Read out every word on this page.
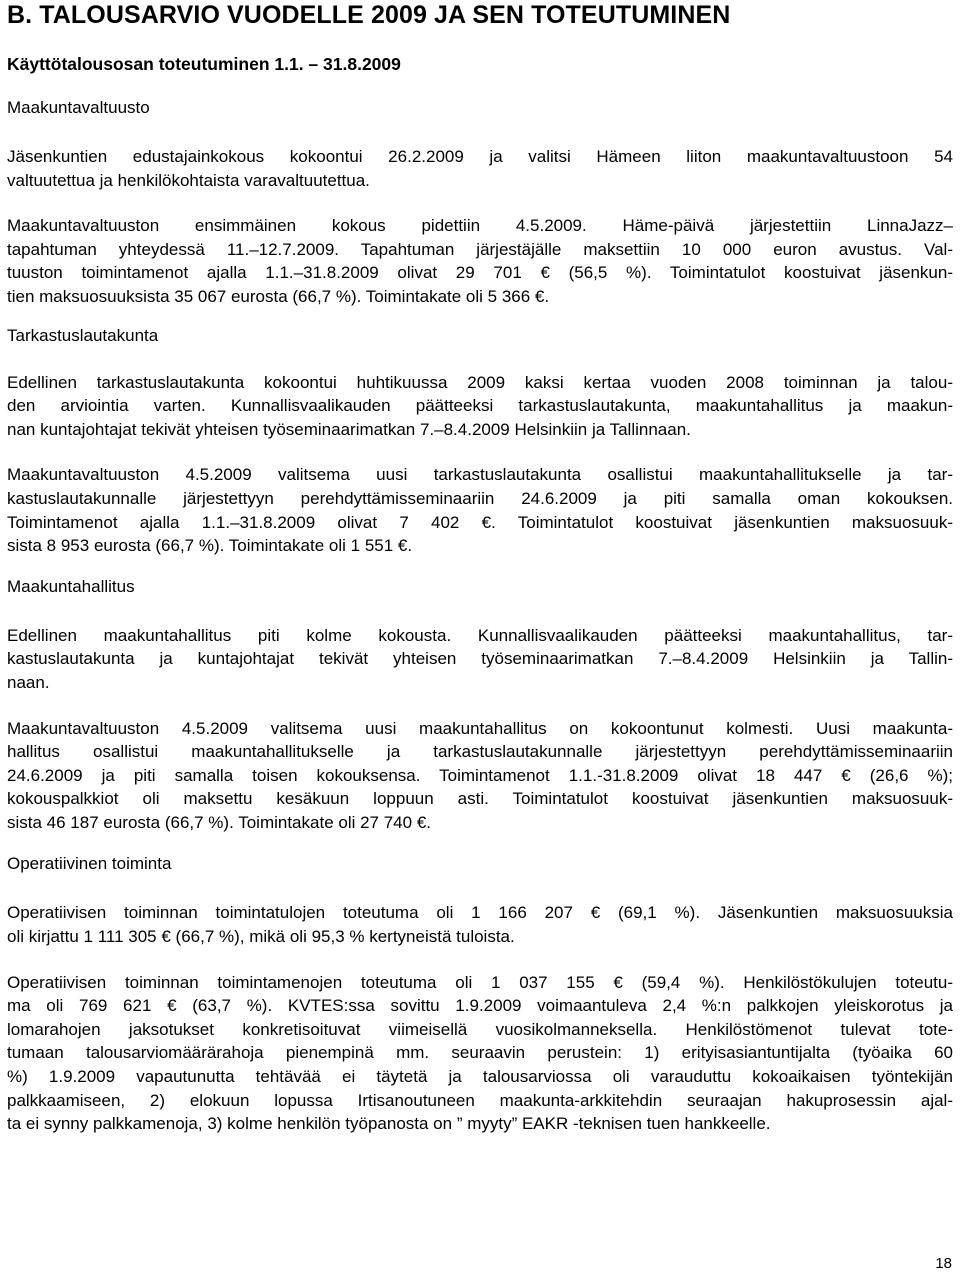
B. TALOUSARVIO VUODELLE 2009 JA SEN TOTEUTUMINEN
Käyttötalousosan toteutuminen 1.1. – 31.8.2009
Maakuntavaltuusto
Jäsenkuntien edustajainkokous kokoontui 26.2.2009 ja valitsi Hämeen liiton maakuntavaltuustoon 54
valtuutettua ja henkilökohtaista varavaltuutettua.
Maakuntavaltuuston ensimmäinen kokous pidettiin 4.5.2009. Häme-päivä järjestettiin LinnaJazz–
tapahtuman yhteydessä 11.–12.7.2009. Tapahtuman järjestäjälle maksettiin 10 000 euron avustus. Val-
tuuston toimintamenot ajalla 1.1.–31.8.2009 olivat 29 701 € (56,5 %). Toimintatulot koostuivat jäsenkun-
tien maksuosuuksista 35 067 eurosta (66,7 %). Toimintakate oli 5 366 €.
Tarkastuslautakunta
Edellinen tarkastuslautakunta kokoontui huhtikuussa 2009 kaksi kertaa vuoden 2008 toiminnan ja talou-
den arviointia varten. Kunnallisvaalikauden päätteeksi tarkastuslautakunta, maakuntahallitus ja maakun-
nan kuntajohtajat tekivät yhteisen työseminaarimatkan 7.–8.4.2009 Helsinkiin ja Tallinnaan.
Maakuntavaltuuston 4.5.2009 valitsema uusi tarkastuslautakunta osallistui maakuntahallitukselle ja tar-
kastuslautakunnalle järjestettyyn perehdyttämisseminaariin 24.6.2009 ja piti samalla oman kokouksen.
Toimintamenot ajalla 1.1.–31.8.2009 olivat 7 402 €. Toimintatulot koostuivat jäsenkuntien maksuosuuk-
sista 8 953 eurosta (66,7 %). Toimintakate oli 1 551 €.
Maakuntahallitus
Edellinen maakuntahallitus piti kolme kokousta. Kunnallisvaalikauden päätteeksi maakuntahallitus, tar-
kastuslautakunta ja kuntajohtajat tekivät yhteisen työseminaarimatkan 7.–8.4.2009 Helsinkiin ja Tallin-
naan.
Maakuntavaltuuston 4.5.2009 valitsema uusi maakuntahallitus on kokoontunut kolmesti. Uusi maakunta-
hallitus osallistui maakuntahallitukselle ja tarkastuslautakunnalle järjestettyyn perehdyttämisseminaariin
24.6.2009 ja piti samalla toisen kokouksensa. Toimintamenot 1.1.-31.8.2009 olivat 18 447 € (26,6 %);
kokouspalkkiot oli maksettu kesäkuun loppuun asti. Toimintatulot koostuivat jäsenkuntien maksuosuuk-
sista 46 187 eurosta (66,7 %). Toimintakate oli 27 740 €.
Operatiivinen toiminta
Operatiivisen toiminnan toimintatulojen toteutuma oli 1 166 207 € (69,1 %). Jäsenkuntien maksuosuuksia
oli kirjattu 1 111 305 € (66,7 %), mikä oli 95,3 % kertyneistä tuloista.
Operatiivisen toiminnan toimintamenojen toteutuma oli 1 037 155 € (59,4 %). Henkilöstökulujen toteutu-
ma oli 769 621 € (63,7 %). KVTES:ssa sovittu 1.9.2009 voimaantuleva 2,4 %:n palkkojen yleiskorotus ja
lomarahojen jaksotukset konkretisoituvat viimeisellä vuosikolmanneksella. Henkilöstömenot tulevat tote-
tumaan talousarviomäärärahoja pienempinä mm. seuraavin perustein: 1) erityisasiantuntijalta (työaika 60
%) 1.9.2009 vapautunutta tehtävää ei täytetä ja talousarviossa oli varauduttu kokoaikaisen työntekijän
palkkaamiseen, 2) elokuun lopussa Irtisanoutuneen maakunta-arkkitehdin seuraajan hakuprosessin ajal-
ta ei synny palkkamenoja, 3) kolme henkilön työpanosta on ” myyty” EAKR -teknisen tuen hankkeelle.
18
